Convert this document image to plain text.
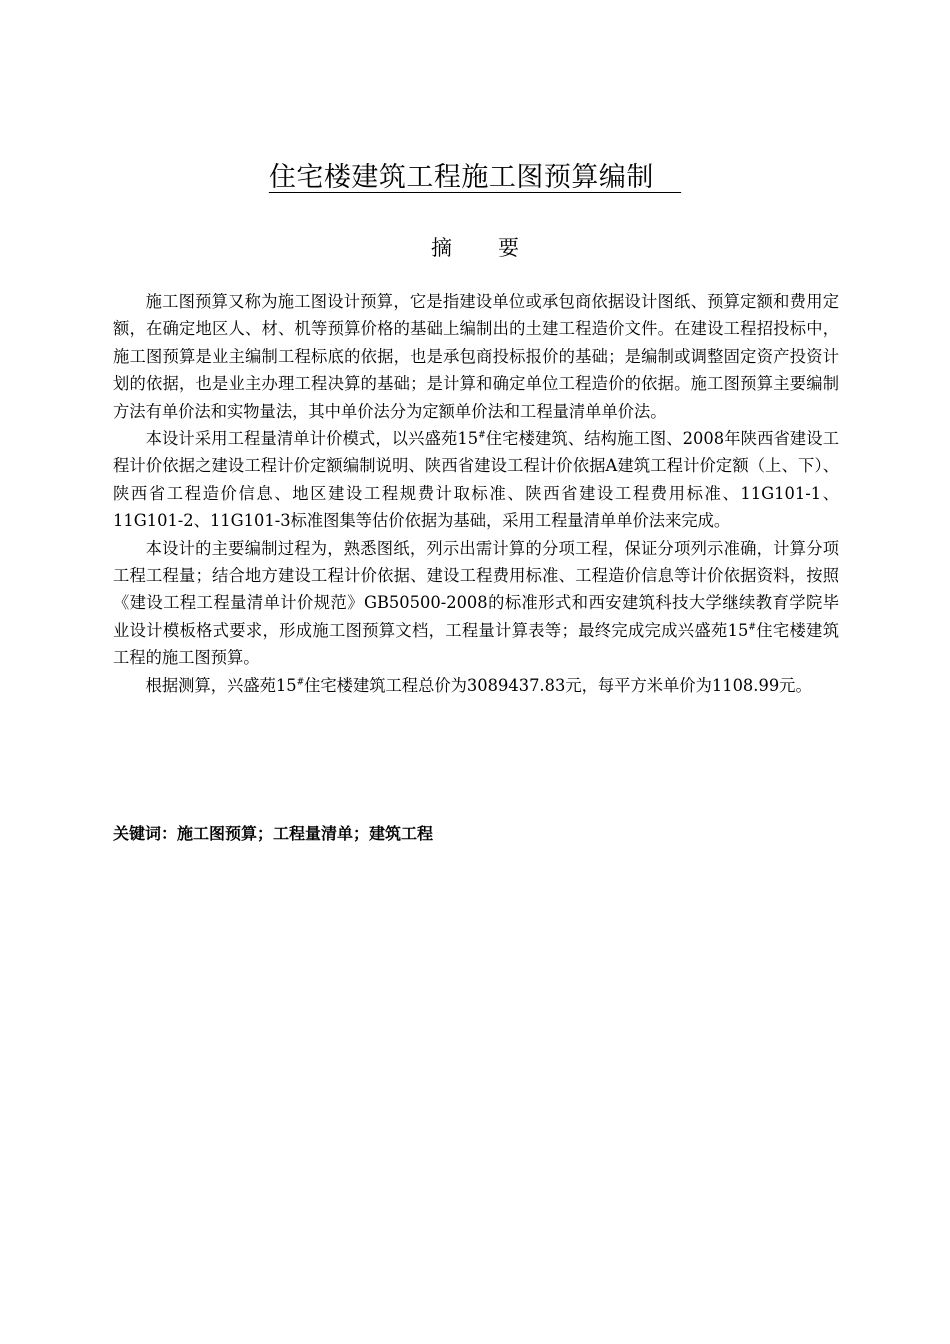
住宅楼建筑工程施工图预算编制
摘要

施工图预算又称为施工图设计预算，它是指建设单位或承包商依据设计图纸、预算定额和费用定额，在确定地区人、材、机等预算价格的基础上编制出的土建工程造价文件。在建设工程招投标中，施工图预算是业主编制工程标底的依据，也是承包商投标报价的基础；是编制或调整固定资产投资计划的依据，也是业主办理工程决算的基础；是计算和确定单位工程造价的依据。施工图预算主要编制方法有单价法和实物量法，其中单价法分为定额单价法和工程量清单单价法。

本设计采用工程量清单计价模式，以兴盛苑15#住宅楼建筑、结构施工图、2008年陕西省建设工程计价依据之建设工程计价定额编制说明、陕西省建设工程计价依据A建筑工程计价定额（上、下）、陕西省工程造价信息、地区建设工程规费计取标准、陕西省建设工程费用标准、11G101-1、11G101-2、11G101-3标准图集等估价依据为基础，采用工程量清单单价法来完成。

本设计的主要编制过程为，熟悉图纸，列示出需计算的分项工程，保证分项列示准确，计算分项工程工程量；结合地方建设工程计价依据、建设工程费用标准、工程造价信息等计价依据资料，按照《建设工程工程量清单计价规范》GB50500-2008的标准形式和西安建筑科技大学继续教育学院毕业设计模板格式要求，形成施工图预算文档，工程量计算表等；最终完成完成兴盛苑15#住宅楼建筑工程的施工图预算。

根据测算，兴盛苑15#住宅楼建筑工程总价为3089437.83元，每平方米单价为1108.99元。

关键词：施工图预算；工程量清单；建筑工程
